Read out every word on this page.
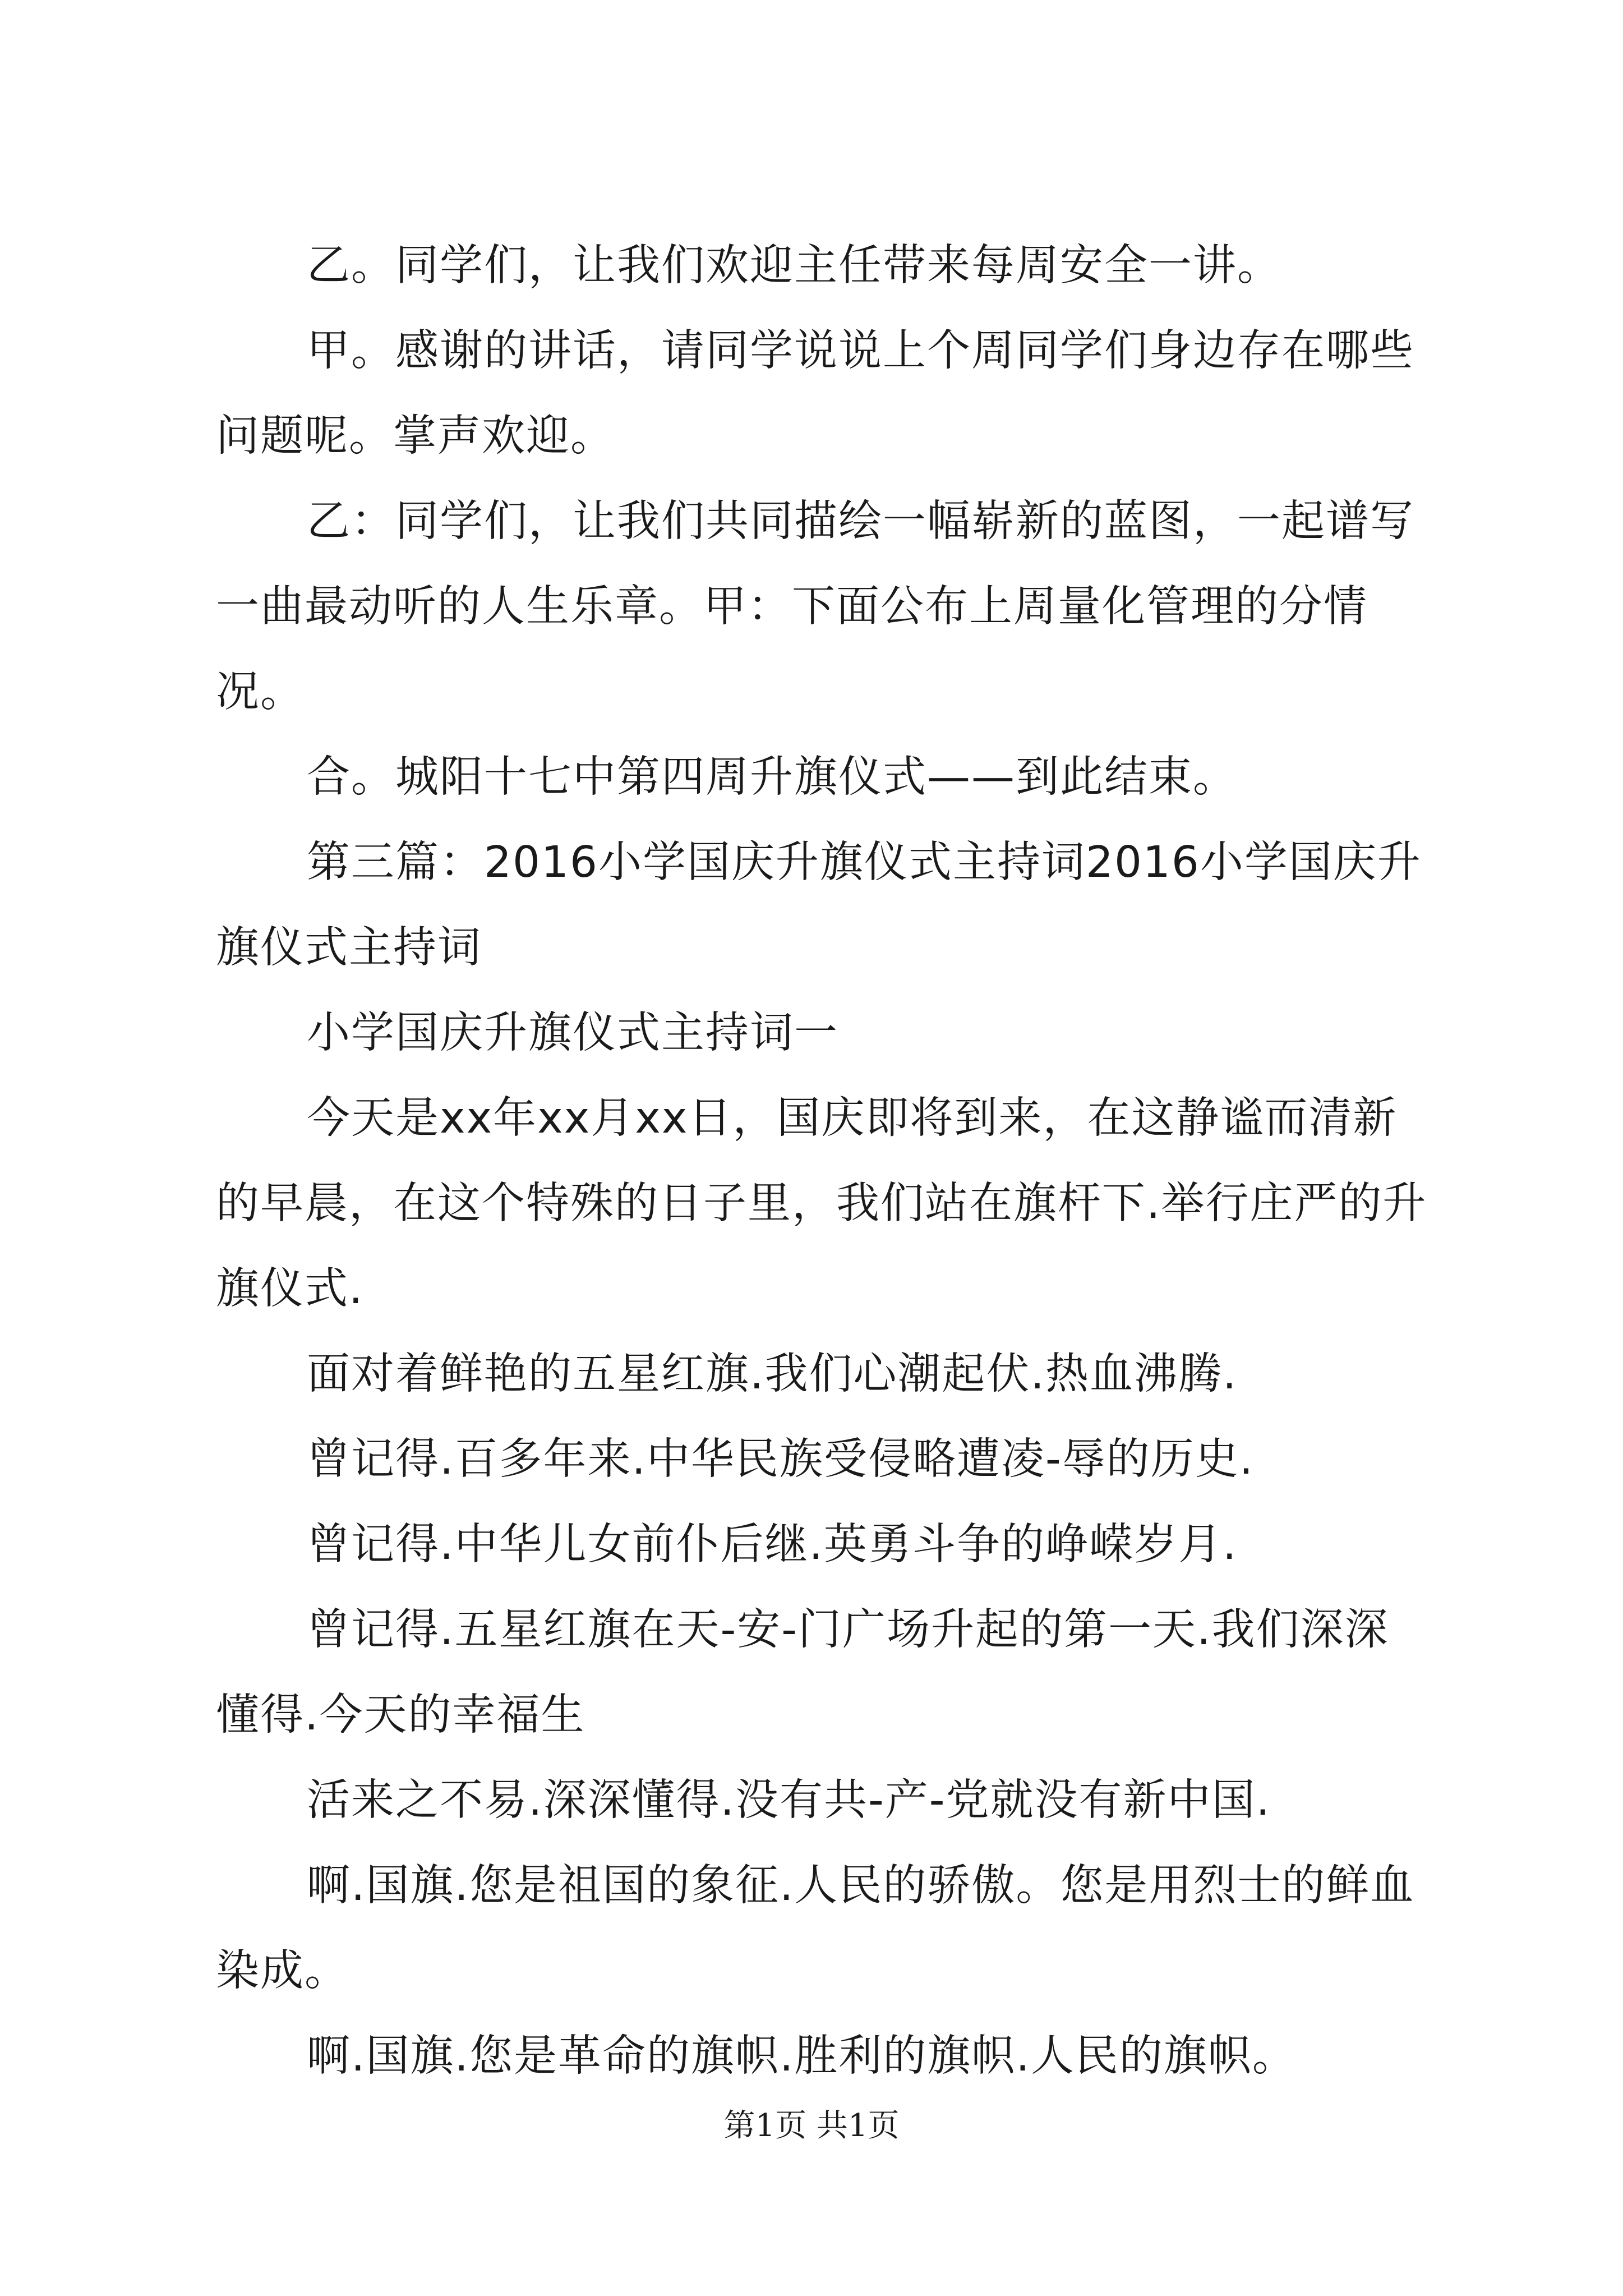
乙。同学们，让我们欢迎主任带来每周安全一讲。

甲。感谢的讲话，请同学说说上个周同学们身边存在哪些问题呢。掌声欢迎。

乙：同学们，让我们共同描绘一幅崭新的蓝图，一起谱写一曲最动听的人生乐章。甲：下面公布上周量化管理的分情况。

合。城阳十七中第四周升旗仪式——到此结束。

第三篇：2016小学国庆升旗仪式主持词2016小学国庆升旗仪式主持词

小学国庆升旗仪式主持词一

今天是xx年xx月xx日，国庆即将到来，在这静谧而清新的早晨，在这个特殊的日子里，我们站在旗杆下.举行庄严的升旗仪式.

面对着鲜艳的五星红旗.我们心潮起伏.热血沸腾.

曾记得.百多年来.中华民族受侵略遭凌-辱的历史.

曾记得.中华儿女前仆后继.英勇斗争的峥嵘岁月.

曾记得.五星红旗在天-安-门广场升起的第一天.我们深深懂得.今天的幸福生

活来之不易.深深懂得.没有共-产-党就没有新中国.

啊.国旗.您是祖国的象征.人民的骄傲。您是用烈士的鲜血染成。

啊.国旗.您是革命的旗帜.胜利的旗帜.人民的旗帜。

第1页 共1页
